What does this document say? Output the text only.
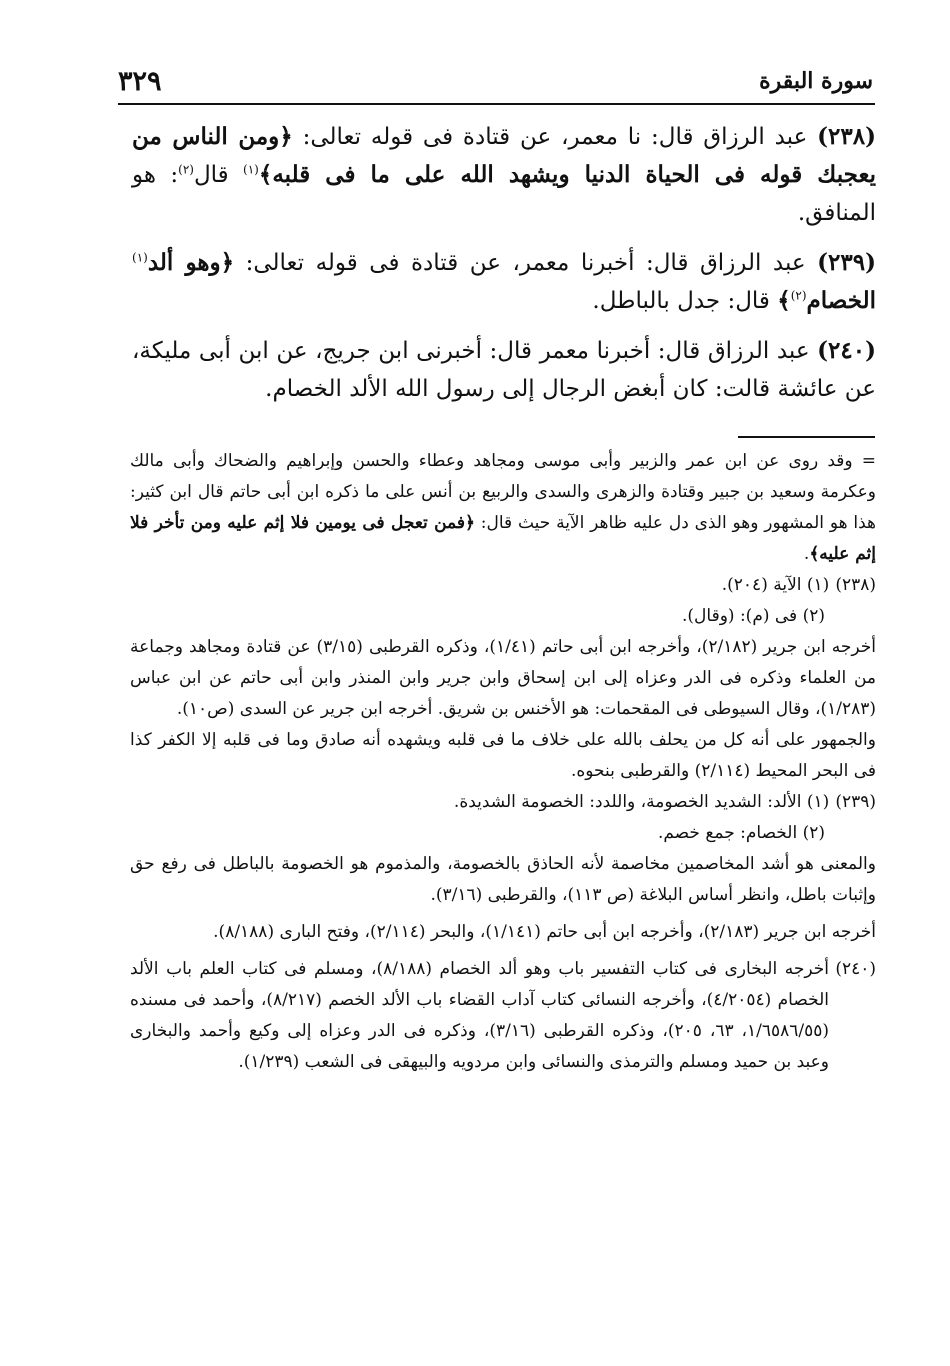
٣٢٩	سورة البقرة

(٢٣٨) عبد الرزاق قال: نا معمر، عن قتادة فى قوله تعالى: ﴿ومن الناس من يعجبك قوله فى الحياة الدنيا ويشهد الله على ما فى قلبه﴾$^{(١)}$ قال$^{(٢)}$: هو المنافق.

(٢٣٩) عبد الرزاق قال: أخبرنا معمر، عن قتادة فى قوله تعالى: ﴿وهو ألد$^{(١)}$ الخصام$^{(٢)}$﴾ قال: جدل بالباطل.

(٢٤٠) عبد الرزاق قال: أخبرنا معمر قال: أخبرنى ابن جريج، عن ابن أبى مليكة، عن عائشة قالت: كان أبغض الرجال إلى رسول الله الألد الخصام.

= وقد روى عن ابن عمر والزبير وأبى موسى ومجاهد وعطاء والحسن وإبراهيم والضحاك وأبى مالك وعكرمة وسعيد بن جبير وقتادة والزهرى والسدى والربيع بن أنس على ما ذكره ابن أبى حاتم قال ابن كثير: هذا هو المشهور وهو الذى دل عليه ظاهر الآية حيث قال: ﴿فمن تعجل فى يومين فلا إثم عليه ومن تأخر فلا إثم عليه﴾.

(٢٣٨)
(١) الآية (٢٠٤).

(٢) فى (م): (وقال).

أخرجه ابن جرير (٢/١٨٢)، وأخرجه ابن أبى حاتم (١/٤١)، وذكره القرطبى (٣/١٥) عن قتادة ومجاهد وجماعة من العلماء وذكره فى الدر وعزاه إلى ابن إسحاق وابن جرير وابن المنذر وابن أبى حاتم عن ابن عباس (١/٢٨٣)، وقال السيوطى فى المقحمات: هو الأخنس بن شريق. أخرجه ابن جرير عن السدى (ص١٠).

والجمهور على أنه كل من يحلف بالله على خلاف ما فى قلبه ويشهده أنه صادق وما فى قلبه إلا الكفر كذا فى البحر المحيط (٢/١١٤) والقرطبى بنحوه.

(٢٣٩)
(١) الألد: الشديد الخصومة، واللدد: الخصومة الشديدة.

(٢) الخصام: جمع خصم.

والمعنى هو أشد المخاصمين مخاصمة لأنه الحاذق بالخصومة، والمذموم هو الخصومة بالباطل فى رفع حق وإثبات باطل، وانظر أساس البلاغة (ص ١١٣)، والقرطبى (٣/١٦).

أخرجه ابن جرير (٢/١٨٣)، وأخرجه ابن أبى حاتم (١/١٤١)، والبحر (٢/١١٤)، وفتح البارى (٨/١٨٨).

(٢٤٠)
أخرجه البخارى فى كتاب التفسير باب وهو ألد الخصام (٨/١٨٨)، ومسلم فى كتاب العلم باب الألد الخصام (٤/٢٠٥٤)، وأخرجه النسائى كتاب آداب القضاء باب الألد الخصم (٨/٢١٧)، وأحمد فى مسنده (١/٦٥٨٦/٥٥، ٦٣، ٢٠٥)، وذكره القرطبى (٣/١٦)، وذكره فى الدر وعزاه إلى وكيع وأحمد والبخارى وعبد بن حميد ومسلم والترمذى والنسائى وابن مردويه والبيهقى فى الشعب (١/٢٣٩).
